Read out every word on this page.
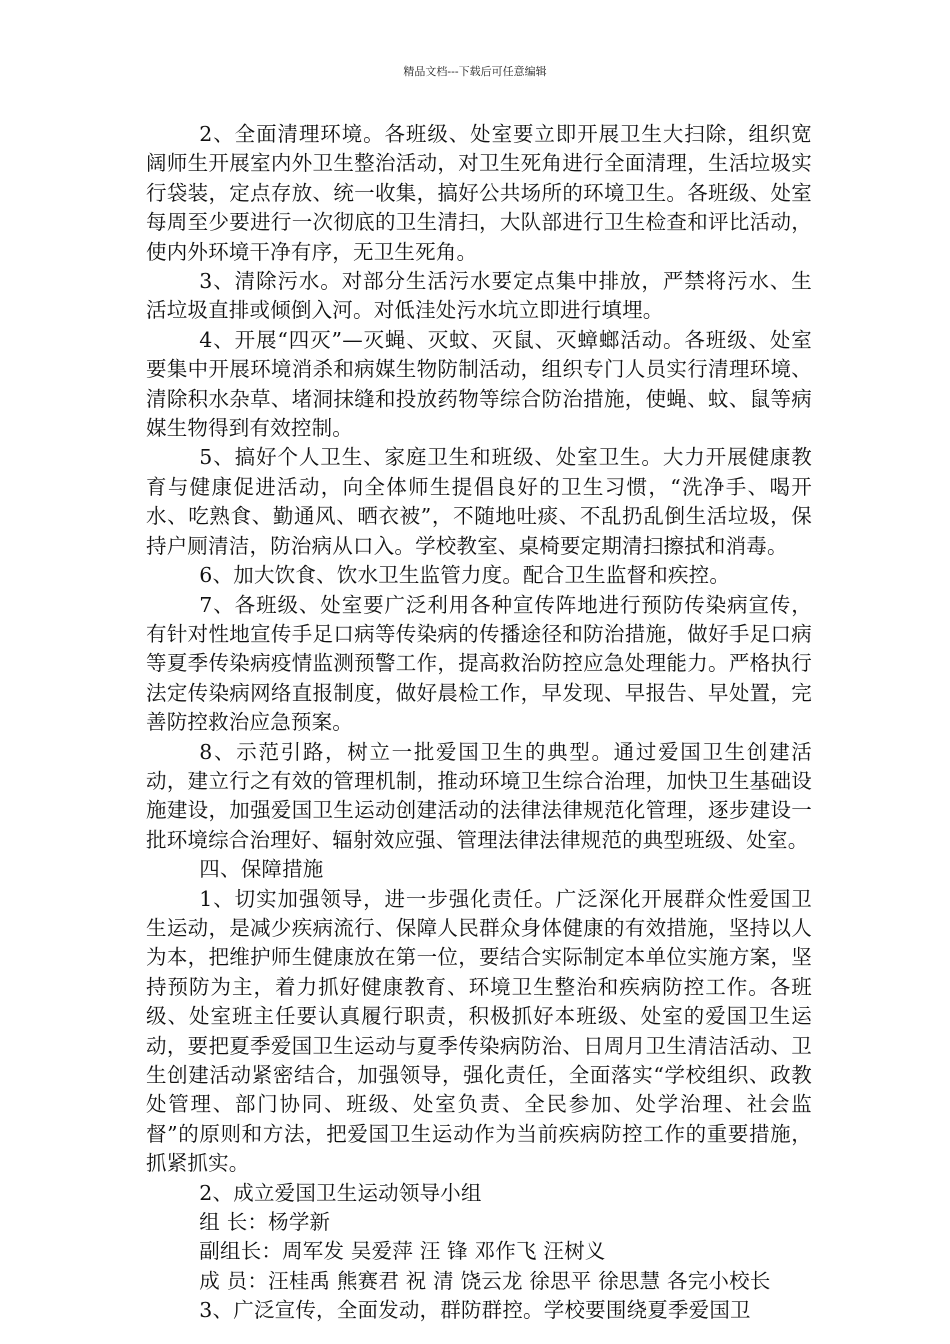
精品文档---下载后可任意编辑

2、全面清理环境。各班级、处室要立即开展卫生大扫除，组织宽阔师生开展室内外卫生整治活动，对卫生死角进行全面清理，生活垃圾实行袋装，定点存放、统一收集，搞好公共场所的环境卫生。各班级、处室每周至少要进行一次彻底的卫生清扫，大队部进行卫生检查和评比活动，使内外环境干净有序，无卫生死角。

3、清除污水。对部分生活污水要定点集中排放，严禁将污水、生活垃圾直排或倾倒入河。对低洼处污水坑立即进行填埋。

4、开展“四灭”—灭蝇、灭蚊、灭鼠、灭蟑螂活动。各班级、处室要集中开展环境消杀和病媒生物防制活动，组织专门人员实行清理环境、清除积水杂草、堵洞抹缝和投放药物等综合防治措施，使蝇、蚊、鼠等病媒生物得到有效控制。

5、搞好个人卫生、家庭卫生和班级、处室卫生。大力开展健康教育与健康促进活动，向全体师生提倡良好的卫生习惯，“洗净手、喝开水、吃熟食、勤通风、晒衣被”，不随地吐痰、不乱扔乱倒生活垃圾，保持户厕清洁，防治病从口入。学校教室、桌椅要定期清扫擦拭和消毒。

6、加大饮食、饮水卫生监管力度。配合卫生监督和疾控。

7、各班级、处室要广泛利用各种宣传阵地进行预防传染病宣传，有针对性地宣传手足口病等传染病的传播途径和防治措施，做好手足口病等夏季传染病疫情监测预警工作，提高救治防控应急处理能力。严格执行法定传染病网络直报制度，做好晨检工作，早发现、早报告、早处置，完善防控救治应急预案。

8、示范引路，树立一批爱国卫生的典型。通过爱国卫生创建活动，建立行之有效的管理机制，推动环境卫生综合治理，加快卫生基础设施建设，加强爱国卫生运动创建活动的法律法律规范化管理，逐步建设一批环境综合治理好、辐射效应强、管理法律法律规范的典型班级、处室。

四、保障措施

1、切实加强领导，进一步强化责任。广泛深化开展群众性爱国卫生运动，是减少疾病流行、保障人民群众身体健康的有效措施，坚持以人为本，把维护师生健康放在第一位，要结合实际制定本单位实施方案，坚持预防为主，着力抓好健康教育、环境卫生整治和疾病防控工作。各班级、处室班主任要认真履行职责，积极抓好本班级、处室的爱国卫生运动，要把夏季爱国卫生运动与夏季传染病防治、日周月卫生清洁活动、卫生创建活动紧密结合，加强领导，强化责任，全面落实“学校组织、政教处管理、部门协同、班级、处室负责、全民参加、处学治理、社会监督”的原则和方法，把爱国卫生运动作为当前疾病防控工作的重要措施，抓紧抓实。

2、成立爱国卫生运动领导小组

组 长：杨学新

副组长：周军发 吴爱萍 汪 锋 邓作飞 汪树义

成 员：汪桂禹 熊赛君 祝 清 饶云龙 徐思平 徐思慧 各完小校长

3、广泛宣传，全面发动，群防群控。学校要围绕夏季爱国卫
